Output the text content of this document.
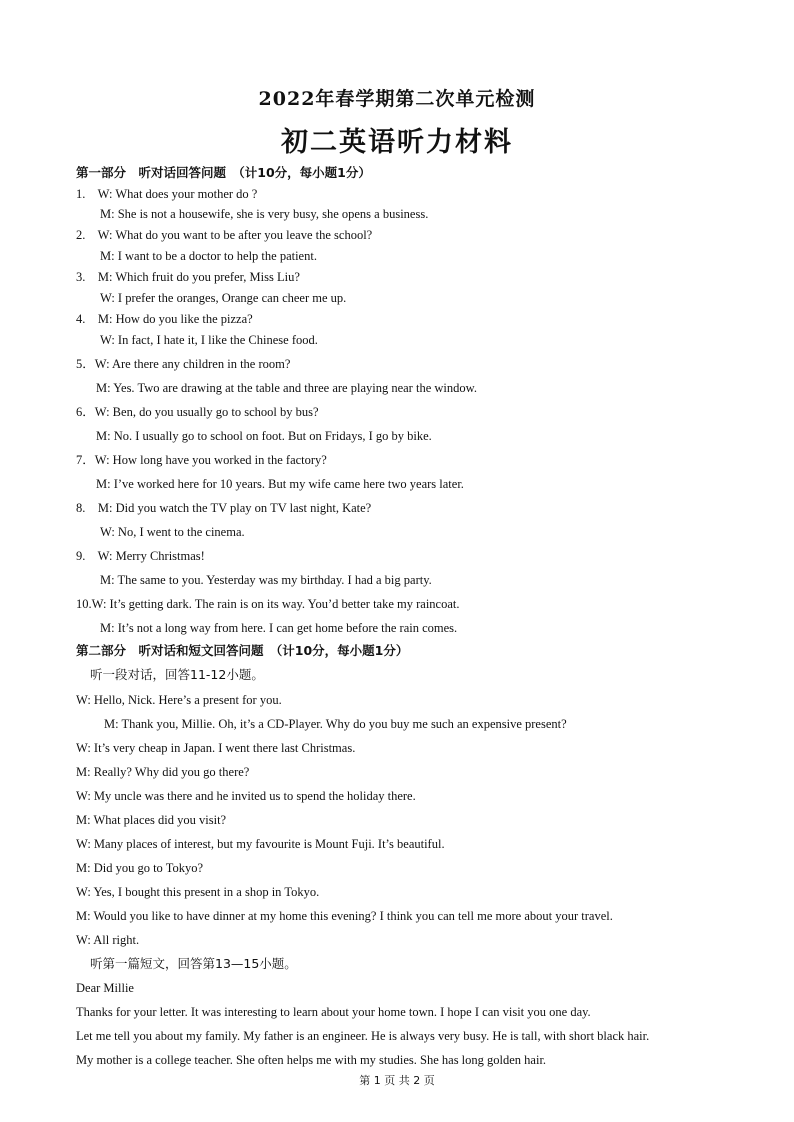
2022年春学期第二次单元检测
初二英语听力材料
第一部分　听对话回答问题　（计10分，每小题1分）
1.    W: What does your mother do ?
M: She is not a housewife, she is very busy, she opens a business.
2.    W: What do you want to be after you leave the school?
M: I want to be a doctor to help the patient.
3.    M: Which fruit do you prefer, Miss Liu?
W: I prefer the oranges, Orange can cheer me up.
4.    M: How do you like the pizza?
W: In fact, I hate it, I like the Chinese food.
5．W: Are there any children in the room?
M: Yes. Two are drawing at the table and three are playing near the window.
6．W: Ben, do you usually go to school by bus?
M: No. I usually go to school on foot. But on Fridays, I go by bike.
7．W: How long have you worked in the factory?
M: I’ve worked here for 10 years. But my wife came here two years later.
8.    M: Did you watch the TV play on TV last night, Kate?
W: No, I went to the cinema.
9.    W: Merry Christmas!
M: The same to you. Yesterday was my birthday. I had a big party.
10.W: It’s getting dark. The rain is on its way. You’d better take my raincoat.
M: It’s not a long way from here. I can get home before the rain comes.
第二部分　听对话和短文回答问题　（计10分，每小题1分）
听一段对话，回答11-12小题。
W: Hello, Nick. Here’s a present for you.
M: Thank you, Millie. Oh, it’s a CD-Player. Why do you buy me such an expensive present?
W: It’s very cheap in Japan. I went there last Christmas.
M: Really? Why did you go there?
W: My uncle was there and he invited us to spend the holiday there.
M: What places did you visit?
W: Many places of interest, but my favourite is Mount Fuji. It’s beautiful.
M: Did you go to Tokyo?
W: Yes, I bought this present in a shop in Tokyo.
M: Would you like to have dinner at my home this evening? I think you can tell me more about your travel.
W: All right.
听第一篇短文，回答第13—15小题。
Dear Millie
Thanks for your letter. It was interesting to learn about your home town. I hope I can visit you one day.
Let me tell you about my family. My father is an engineer. He is always very busy. He is tall, with short black hair.
My mother is a college teacher. She often helps me with my studies. She has long golden hair.
第 1 页 共 2 页
